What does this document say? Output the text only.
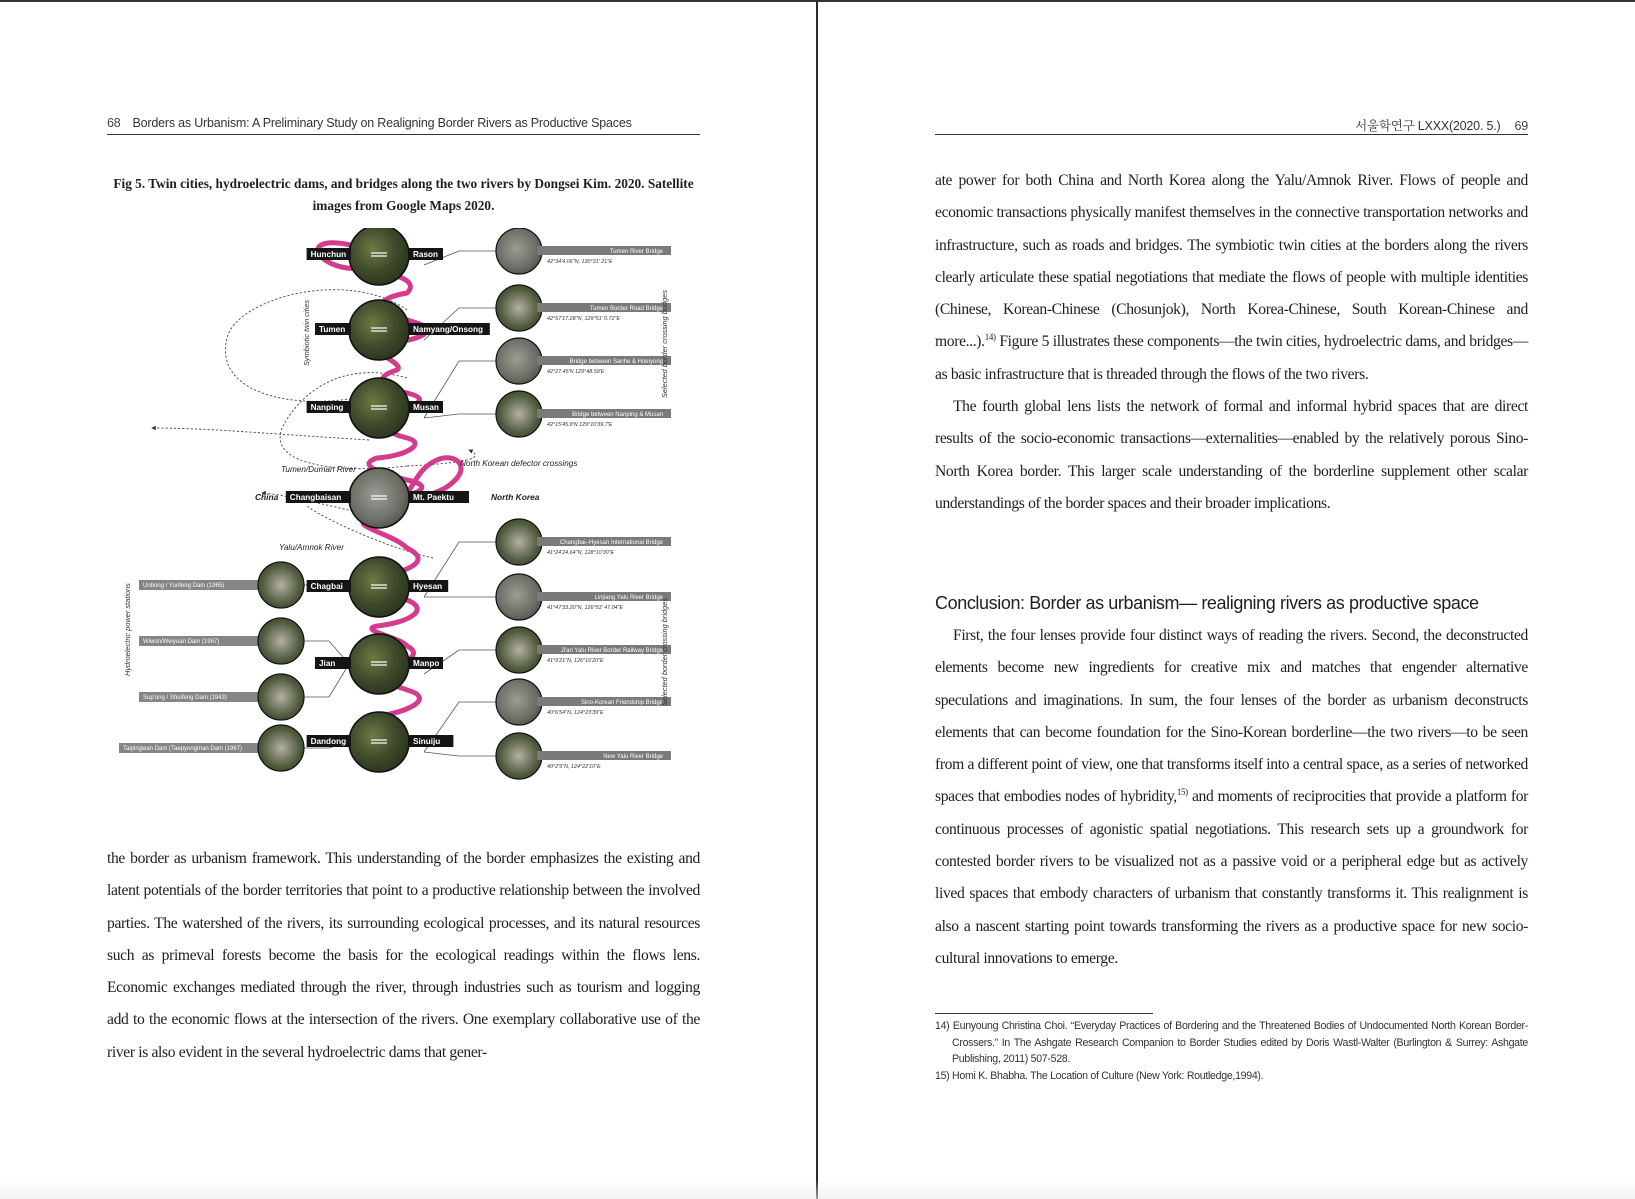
68 Borders as Urbanism: A Preliminary Study on Realigning Border Rivers as Productive Spaces
Fig 5. Twin cities, hydroelectric dams, and bridges along the two rivers by Dongsei Kim. 2020. Satellite images from Google Maps 2020.
Hunchun	Rason
Tumen	Namyang/Onsong
Nanping	Musan
Changbaisan	Mt. Paektu
Chagbai	Hyesan
Jian	Manpo
Dandong	Sinuiju
Tumen River Bridge
42°34'4.06"N, 130°31' 21"E
Tumen Border Road Bridge
42°57'17.28"N, 129°51' 0.72"E
Bridge between Sanhe & Hoelyong
42°27.45'N 129°48.59'E
Bridge between Nanping & Musan
42°15'45.8'N 129°10'39.7'E
Changbai–Hyesan International Bridge
41°24'24.64"N, 128°10'30"E
Linjiang Yalu River Bridge
41°47'33.20"N, 126°53' 47.04"E
Ji'an Yalu River Border Railway Bridge
41°9'21"N, 126°16'20"E
Sino-Korean Friendship Bridge
40°6'54"N, 124°23'39"E
New Yalu River Bridge
40°2'9"N, 124°22'10"E
Unbong / Yunfeng Dam (1965)
Wiwon/Weiyuan Dam (1987)
Sup'ung / Shuifeng Dam (1943)
Taipingwan Dam (Taepyongman Dam (1987)
Tumen/Duman River
Yalu/Amnok River
North Korean defector crossings
China	North Korea
Symbiotic twin cities	Selected border crossing bridges
Selected border crossing bridges
Hydroelectric power stations

the border as urbanism framework. This understanding of the border emphasizes the existing and latent potentials of the border territories that point to a productive relationship between the involved parties. The watershed of the rivers, its surrounding ecological processes, and its natural resources such as primeval forests become the basis for the ecological readings within the flows lens. Economic exchanges mediated through the river, through industries such as tourism and logging add to the economic flows at the intersection of the rivers. One exemplary collaborative use of the river is also evident in the several hydroelectric dams that gener-

서울학연구 LXXX(2020. 5.) 69

ate power for both China and North Korea along the Yalu/Amnok River. Flows of people and economic transactions physically manifest themselves in the connective transportation networks and infrastructure, such as roads and bridges. The symbiotic twin cities at the borders along the rivers clearly articulate these spatial negotiations that mediate the flows of people with multiple identities (Chinese, Korean-Chinese (Chosunjok), North Korea-Chinese, South Korean-Chinese and more...).$^{14)}$ Figure 5 illustrates these components—the twin cities, hydroelectric dams, and bridges—as basic infrastructure that is threaded through the flows of the two rivers.

The fourth global lens lists the network of formal and informal hybrid spaces that are direct results of the socio-economic transactions—externalities—enabled by the relatively porous Sino-North Korea border. This larger scale understanding of the borderline supplement other scalar understandings of the border spaces and their broader implications.

Conclusion: Border as urbanism— realigning rivers as productive space

First, the four lenses provide four distinct ways of reading the rivers. Second, the deconstructed elements become new ingredients for creative mix and matches that engender alternative speculations and imaginations. In sum, the four lenses of the border as urbanism deconstructs elements that can become foundation for the Sino-Korean borderline—the two rivers—to be seen from a different point of view, one that transforms itself into a central space, as a series of networked spaces that embodies nodes of hybridity,$^{15)}$ and moments of reciprocities that provide a platform for continuous processes of agonistic spatial negotiations. This research sets up a groundwork for contested border rivers to be visualized not as a passive void or a peripheral edge but as actively lived spaces that embody characters of urbanism that constantly transforms it. This realignment is also a nascent starting point towards transforming the rivers as a productive space for new socio-cultural innovations to emerge.

14) Eunyoung Christina Choi. “Everyday Practices of Bordering and the Threatened Bodies of Undocumented North Korean Border-Crossers.” In The Ashgate Research Companion to Border Studies edited by Doris Wastl-Walter (Burlington & Surrey: Ashgate Publishing, 2011) 507-528.

15) Homi K. Bhabha. The Location of Culture (New York: Routledge,1994).
